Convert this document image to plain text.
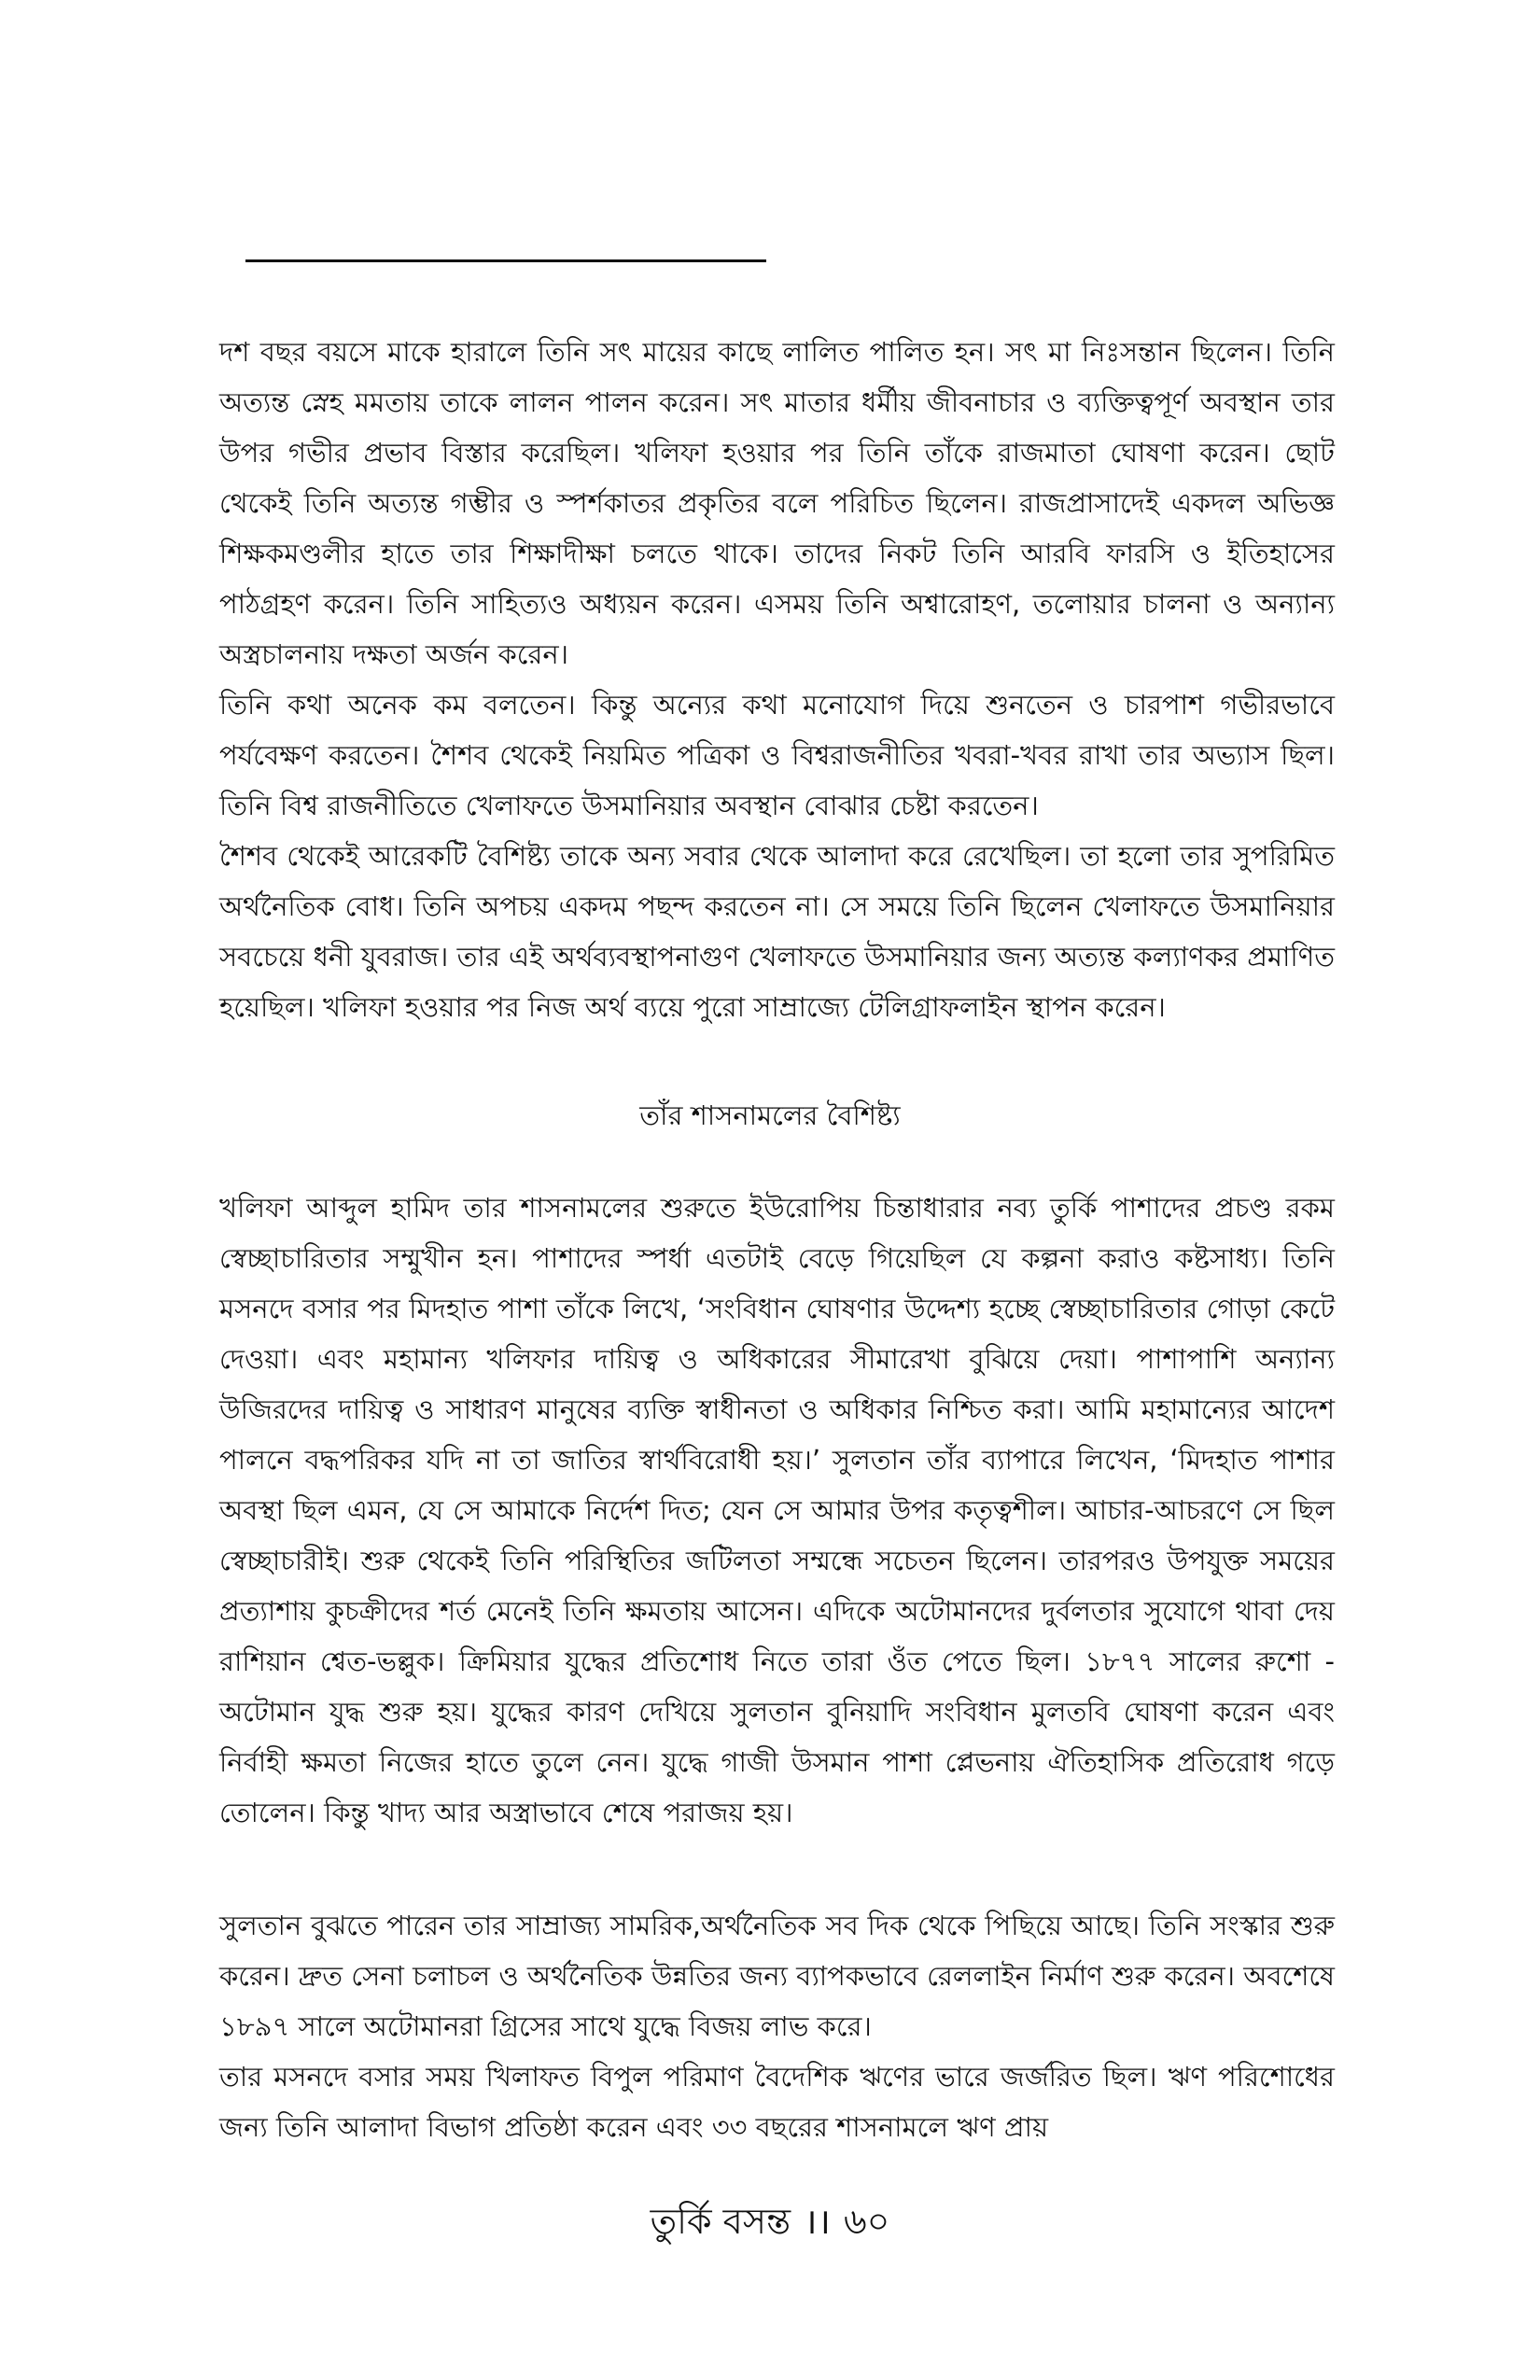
দশ বছর বয়সে মাকে হারালে তিনি সৎ মায়ের কাছে লালিত পালিত হন। সৎ মা নিঃসন্তান ছিলেন। তিনি অত্যন্ত স্নেহ মমতায় তাকে লালন পালন করেন। সৎ মাতার ধর্মীয় জীবনাচার ও ব্যক্তিত্বপূর্ণ অবস্থান তার উপর গভীর প্রভাব বিস্তার করেছিল। খলিফা হওয়ার পর তিনি তাঁকে রাজমাতা ঘোষণা করেন। ছোট থেকেই তিনি অত্যন্ত গম্ভীর ও স্পর্শকাতর প্রকৃতির বলে পরিচিত ছিলেন। রাজপ্রাসাদেই একদল অভিজ্ঞ শিক্ষকমণ্ডলীর হাতে তার শিক্ষাদীক্ষা চলতে থাকে। তাদের নিকট তিনি আরবি ফারসি ও ইতিহাসের পাঠগ্রহণ করেন। তিনি সাহিত্যও অধ্যয়ন করেন। এসময় তিনি অশ্বারোহণ, তলোয়ার চালনা ও অন্যান্য অস্ত্রচালনায় দক্ষতা অর্জন করেন।
তিনি কথা অনেক কম বলতেন। কিন্তু অন্যের কথা মনোযোগ দিয়ে শুনতেন ও চারপাশ গভীরভাবে পর্যবেক্ষণ করতেন। শৈশব থেকেই নিয়মিত পত্রিকা ও বিশ্বরাজনীতির খবরা-খবর রাখা তার অভ্যাস ছিল। তিনি বিশ্ব রাজনীতিতে খেলাফতে উসমানিয়ার অবস্থান বোঝার চেষ্টা করতেন।
শৈশব থেকেই আরেকটি বৈশিষ্ট্য তাকে অন্য সবার থেকে আলাদা করে রেখেছিল। তা হলো তার সুপরিমিত অর্থনৈতিক বোধ। তিনি অপচয় একদম পছন্দ করতেন না। সে সময়ে তিনি ছিলেন খেলাফতে উসমানিয়ার সবচেয়ে ধনী যুবরাজ। তার এই অর্থব্যবস্থাপনাগুণ খেলাফতে উসমানিয়ার জন্য অত্যন্ত কল্যাণকর প্রমাণিত হয়েছিল। খলিফা হওয়ার পর নিজ অর্থ ব্যয়ে পুরো সাম্রাজ্যে টেলিগ্রাফলাইন স্থাপন করেন।
তাঁর শাসনামলের বৈশিষ্ট্য
খলিফা আব্দুল হামিদ তার শাসনামলের শুরুতে ইউরোপিয় চিন্তাধারার নব্য তুর্কি পাশাদের প্রচণ্ড রকম স্বেচ্ছাচারিতার সম্মুখীন হন। পাশাদের স্পর্ধা এতটাই বেড়ে গিয়েছিল যে কল্পনা করাও কষ্টসাধ্য। তিনি মসনদে বসার পর মিদহাত পাশা তাঁকে লিখে, ‘সংবিধান ঘোষণার উদ্দেশ্য হচ্ছে স্বেচ্ছাচারিতার গোড়া কেটে দেওয়া। এবং মহামান্য খলিফার দায়িত্ব ও অধিকারের সীমারেখা বুঝিয়ে দেয়া। পাশাপাশি অন্যান্য উজিরদের দায়িত্ব ও সাধারণ মানুষের ব্যক্তি স্বাধীনতা ও অধিকার নিশ্চিত করা। আমি মহামান্যের আদেশ পালনে বদ্ধপরিকর যদি না তা জাতির স্বার্থবিরোধী হয়।’ সুলতান তাঁর ব্যাপারে লিখেন, ‘মিদহাত পাশার অবস্থা ছিল এমন, যে সে আমাকে নির্দেশ দিত; যেন সে আমার উপর কতৃত্বশীল। আচার-আচরণে সে ছিল স্বেচ্ছাচারীই। শুরু থেকেই তিনি পরিস্থিতির জটিলতা সম্মন্ধে সচেতন ছিলেন। তারপরও উপযুক্ত সময়ের প্রত্যাশায় কুচক্রীদের শর্ত মেনেই তিনি ক্ষমতায় আসেন। এদিকে অটোমানদের দুর্বলতার সুযোগে থাবা দেয় রাশিয়ান শ্বেত-ভল্লুক। ক্রিমিয়ার যুদ্ধের প্রতিশোধ নিতে তারা ওঁত পেতে ছিল। ১৮৭৭ সালের রুশো - অটোমান যুদ্ধ শুরু হয়। যুদ্ধের কারণ দেখিয়ে সুলতান বুনিয়াদি সংবিধান মুলতবি ঘোষণা করেন এবং নির্বাহী ক্ষমতা নিজের হাতে তুলে নেন। যুদ্ধে গাজী উসমান পাশা প্লেভনায় ঐতিহাসিক প্রতিরোধ গড়ে তোলেন। কিন্তু খাদ্য আর অস্ত্রাভাবে শেষে পরাজয় হয়।
সুলতান বুঝতে পারেন তার সাম্রাজ্য সামরিক,অর্থনৈতিক সব দিক থেকে পিছিয়ে আছে। তিনি সংস্কার শুরু করেন। দ্রুত সেনা চলাচল ও অর্থনৈতিক উন্নতির জন্য ব্যাপকভাবে রেললাইন নির্মাণ শুরু করেন। অবশেষে ১৮৯৭ সালে অটোমানরা গ্রিসের সাথে যুদ্ধে বিজয় লাভ করে।
তার মসনদে বসার সময় খিলাফত বিপুল পরিমাণ বৈদেশিক ঋণের ভারে জর্জরিত ছিল। ঋণ পরিশোধের জন্য তিনি আলাদা বিভাগ প্রতিষ্ঠা করেন এবং ৩৩ বছরের শাসনামলে ঋণ প্রায়
তুর্কি বসন্ত ।। ৬০
